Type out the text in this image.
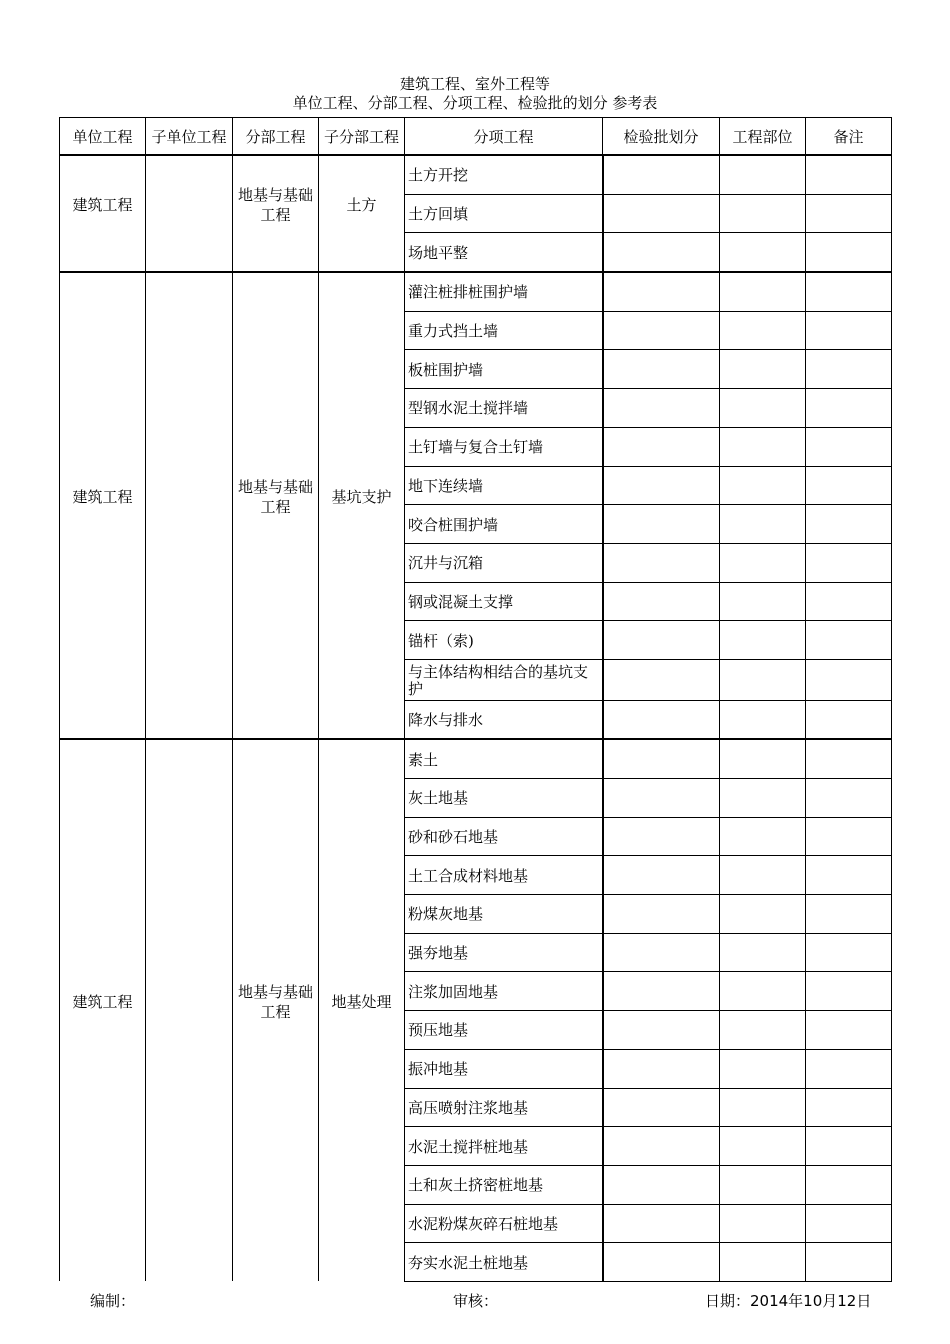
建筑工程、室外工程等
单位工程、分部工程、分项工程、检验批的划分 参考表
单位工程	子单位工程	分部工程	子分部工程	分项工程	检验批划分	工程部位	备注
建筑工程		地基与基础工程	土方	土方开挖			
				土方回填			
				场地平整			
建筑工程		地基与基础工程	基坑支护	灌注桩排桩围护墙			
				重力式挡土墙			
				板桩围护墙			
				型钢水泥土搅拌墙			
				土钉墙与复合土钉墙			
				地下连续墙			
				咬合桩围护墙			
				沉井与沉箱			
				钢或混凝土支撑			
				锚杆（索)			
				与主体结构相结合的基坑支护			
				降水与排水			
建筑工程		地基与基础工程	地基处理	素土			
				灰土地基			
				砂和砂石地基			
				土工合成材料地基			
				粉煤灰地基			
				强夯地基			
				注浆加固地基			
				预压地基			
				振冲地基			
				高压喷射注浆地基			
				水泥土搅拌桩地基			
				土和灰土挤密桩地基			
				水泥粉煤灰碎石桩地基			
				夯实水泥土桩地基			
编制：	审核：	日期：2014年10月12日
